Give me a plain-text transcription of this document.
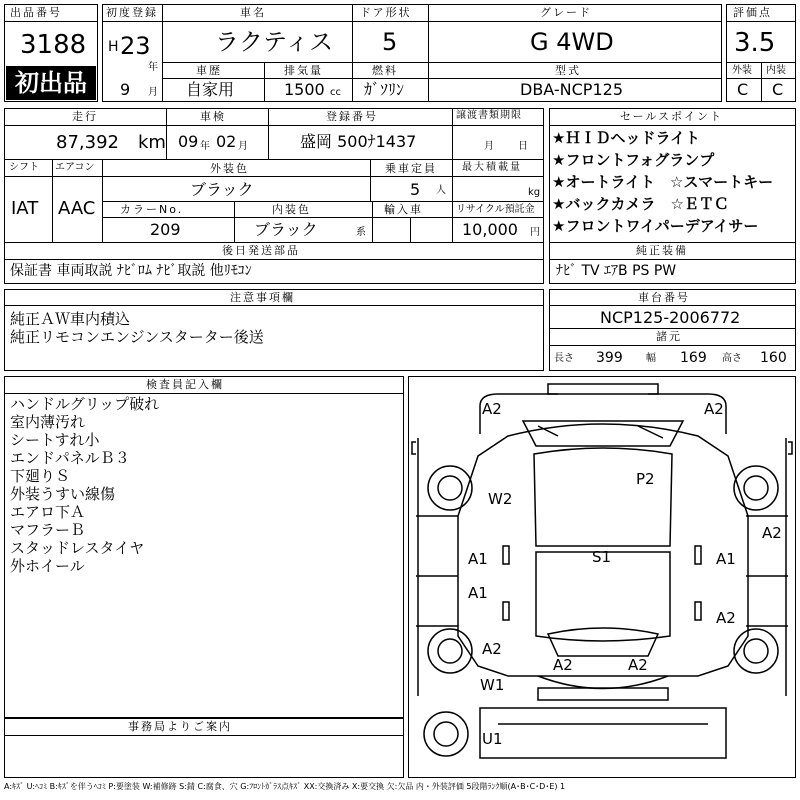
出品番号
3188
初出品
初度登録
H 23
年
9 月
車名
ラクティス
ドア形状
5
グレード
G 4WD
車歴
自家用
排気量
1500 cc
燃料
ｶﾞｿﾘﾝ
型式
DBA-NCP125
評価点
3.5
外装 内装
C C
走行
87,392 km
車検
09 年 02 月
登録番号
盛岡 500ﾅ1437
譲渡書類期限
月 日
シフト エアコン
IAT AAC
外装色
ブラック
乗車定員
5 人
最大積載量
kg
カラーNo.
209
内装色
ブラック	系
輸入車	リサイクル預託金
10,000 円
後日発送部品
保証書 車両取説 ﾅﾋﾞﾛﾑ ﾅﾋﾞ取説 他ﾘﾓｺﾝ
セールスポイント
★ＨＩＤヘッドライト
★フロントフォグランプ
★オートライト　☆スマートキー
★バックカメラ　☆ＥＴＣ
★フロントワイパーデアイサー
純正装備
ﾅﾋﾞ TV ｴｱB PS PW
注意事項欄
純正ＡＷ車内積込
純正リモコンエンジンスターター後送
車台番号
NCP125-2006772
諸元
長さ 399 幅 169 高さ 160
検査員記入欄
ハンドルグリップ破れ
室内薄汚れ
シートすれ小
エンドパネルＢ３
下廻りＳ
外装うすい線傷
エアロ下Ａ
マフラーＢ
スタッドレスタイヤ
外ホイール
事務局よりご案内
A2	A2
P2
W2
A2
A1	S1	A1
A1
A2
A2
A2	A2
W1
U1
A:ｷｽﾞ U:ﾍｺﾐ B:ｷｽﾞを伴うﾍｺﾐ P:要塗装 W:補修跡 S:錆 C:腐食、穴 G:ﾌﾛﾝﾄｶﾞﾗｽ点ｷｽﾞ XX:交換済み X:要交換 欠:欠品 内・外装評価 5段階ﾗﾝｸ順(A･B･C･D･E) 1
